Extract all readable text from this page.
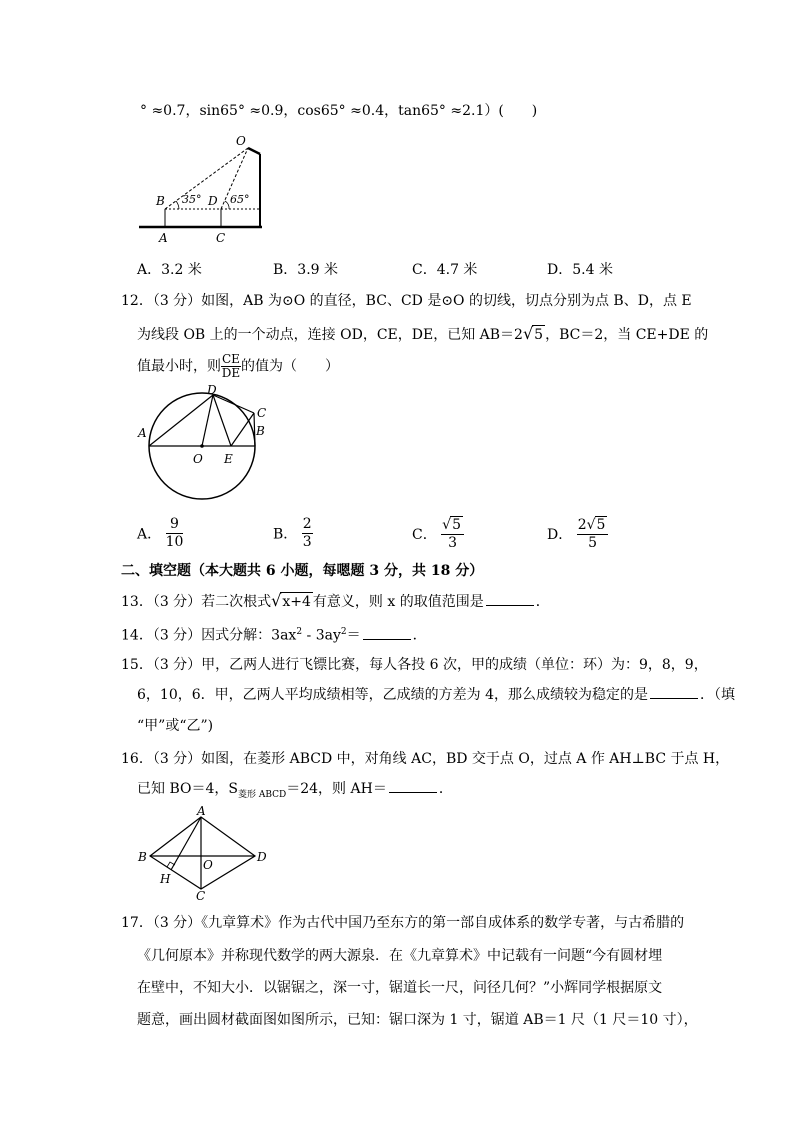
° ≈0.7，sin65° ≈0.9，cos65° ≈0.4，tan65° ≈2.1）(　　)
O
B 35° D 65°
A	C
A．3.2 米	B．3.9 米	C．4.7 米	D．5.4 米
12．（3 分）如图，AB 为⊙O 的直径，BC、CD 是⊙O 的切线，切点分别为点 B、D，点 E
为线段 OB 上的一个动点，连接 OD，CE，DE，已知 AB＝2√5 ，BC＝2，当 CE+DE 的
值最小时，则 $\frac{CE}{DE}$ 的值为（　　）
D
C
A
O E
B
A． $\frac{9}{10}$	B． $\frac{2}{3}$	C． $\frac{√5}{3}$	D． $\frac{2√5}{5}$
二、填空题（本大题共 6 小题，每嗯题 3 分，共 18 分）
13．（3 分）若二次根式√x+4 有意义，则 x 的取值范围是	．
14．（3 分）因式分解：$3ax^2 - 3ay^2=$	．
15．（3 分）甲，乙两人进行飞镖比赛，每人各投 6 次，甲的成绩（单位：环）为：9，8，9，
6，10，6．甲，乙两人平均成绩相等，乙成绩的方差为 4，那么成绩较为稳定的是	．（填
“甲”或“乙”)
16．（3 分）如图，在菱形 ABCD 中，对角线 AC，BD 交于点 O，过点 A 作 AH⊥BC 于点 H，
已知 BO＝4，$S_{菱形 ABCD}=24$，则 AH＝	．
A
B
O
D
H
C
17．（3 分）《九章算术》作为古代中国乃至东方的第一部自成体系的数学专著，与古希腊的
《几何原本》并称现代数学的两大源泉．在《九章算术》中记载有一问题“今有圆材埋
在壁中，不知大小．以锯锯之，深一寸，锯道长一尺，问径几何？”小辉同学根据原文
题意，画出圆材截面图如图所示，已知：锯口深为 1 寸，锯道 AB＝1 尺（1 尺＝10 寸），
